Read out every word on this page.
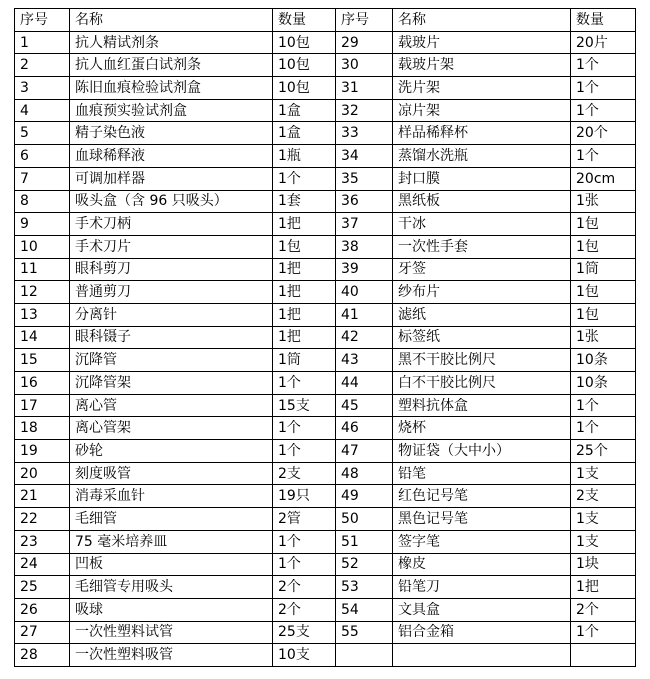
序号	名称	数量	序号	名称	数量
1	抗人精试剂条	10包	29	载玻片	20片
2	抗人血红蛋白试剂条	10包	30	载玻片架	1个
3	陈旧血痕检验试剂盒	10包	31	洗片架	1个
4	血痕预实验试剂盒	1盒	32	凉片架	1个
5	精子染色液	1盒	33	样品稀释杯	20个
6	血球稀释液	1瓶	34	蒸馏水洗瓶	1个
7	可调加样器	1个	35	封口膜	20cm
8	吸头盒（含 96 只吸头）	1套	36	黑纸板	1张
9	手术刀柄	1把	37	干冰	1包
10	手术刀片	1包	38	一次性手套	1包
11	眼科剪刀	1把	39	牙签	1筒
12	普通剪刀	1把	40	纱布片	1包
13	分离针	1把	41	滤纸	1包
14	眼科镊子	1把	42	标签纸	1张
15	沉降管	1筒	43	黑不干胶比例尺	10条
16	沉降管架	1个	44	白不干胶比例尺	10条
17	离心管	15支	45	塑料抗体盒	1个
18	离心管架	1个	46	烧杯	1个
19	砂轮	1个	47	物证袋（大中小）	25个
20	刻度吸管	2支	48	铅笔	1支
21	消毒采血针	19只	49	红色记号笔	2支
22	毛细管	2管	50	黑色记号笔	1支
23	75 毫米培养皿	1个	51	签字笔	1支
24	凹板	1个	52	橡皮	1块
25	毛细管专用吸头	2个	53	铅笔刀	1把
26	吸球	2个	54	文具盒	2个
27	一次性塑料试管	25支	55	铝合金箱	1个
28	一次性塑料吸管	10支			
